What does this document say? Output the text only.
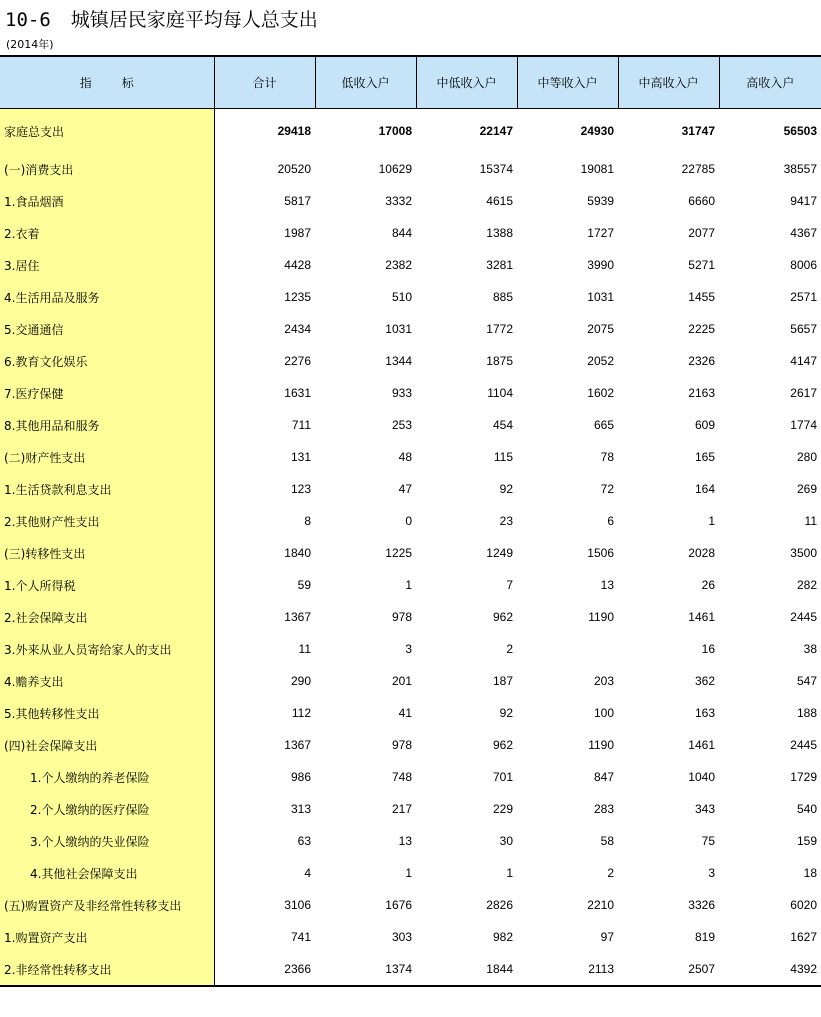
10-6 城镇居民家庭平均每人总支出
(2014年)
指 标	合计	低收入户	中低收入户	中等收入户	中高收入户	高收入户
家庭总支出	29418	17008	22147	24930	31747	56503
(一)消费支出	20520	10629	15374	19081	22785	38557
1.食品烟酒	5817	3332	4615	5939	6660	9417
2.衣着	1987	844	1388	1727	2077	4367
3.居住	4428	2382	3281	3990	5271	8006
4.生活用品及服务	1235	510	885	1031	1455	2571
5.交通通信	2434	1031	1772	2075	2225	5657
6.教育文化娱乐	2276	1344	1875	2052	2326	4147
7.医疗保健	1631	933	1104	1602	2163	2617
8.其他用品和服务	711	253	454	665	609	1774
(二)财产性支出	131	48	115	78	165	280
1.生活贷款利息支出	123	47	92	72	164	269
2.其他财产性支出	8	0	23	6	1	11
(三)转移性支出	1840	1225	1249	1506	2028	3500
1.个人所得税	59	1	7	13	26	282
2.社会保障支出	1367	978	962	1190	1461	2445
3.外来从业人员寄给家人的支出	11	3	2		16	38
4.赡养支出	290	201	187	203	362	547
5.其他转移性支出	112	41	92	100	163	188
(四)社会保障支出	1367	978	962	1190	1461	2445
1.个人缴纳的养老保险	986	748	701	847	1040	1729
2.个人缴纳的医疗保险	313	217	229	283	343	540
3.个人缴纳的失业保险	63	13	30	58	75	159
4.其他社会保障支出	4	1	1	2	3	18
(五)购置资产及非经常性转移支出	3106	1676	2826	2210	3326	6020
1.购置资产支出	741	303	982	97	819	1627
2.非经常性转移支出	2366	1374	1844	2113	2507	4392
